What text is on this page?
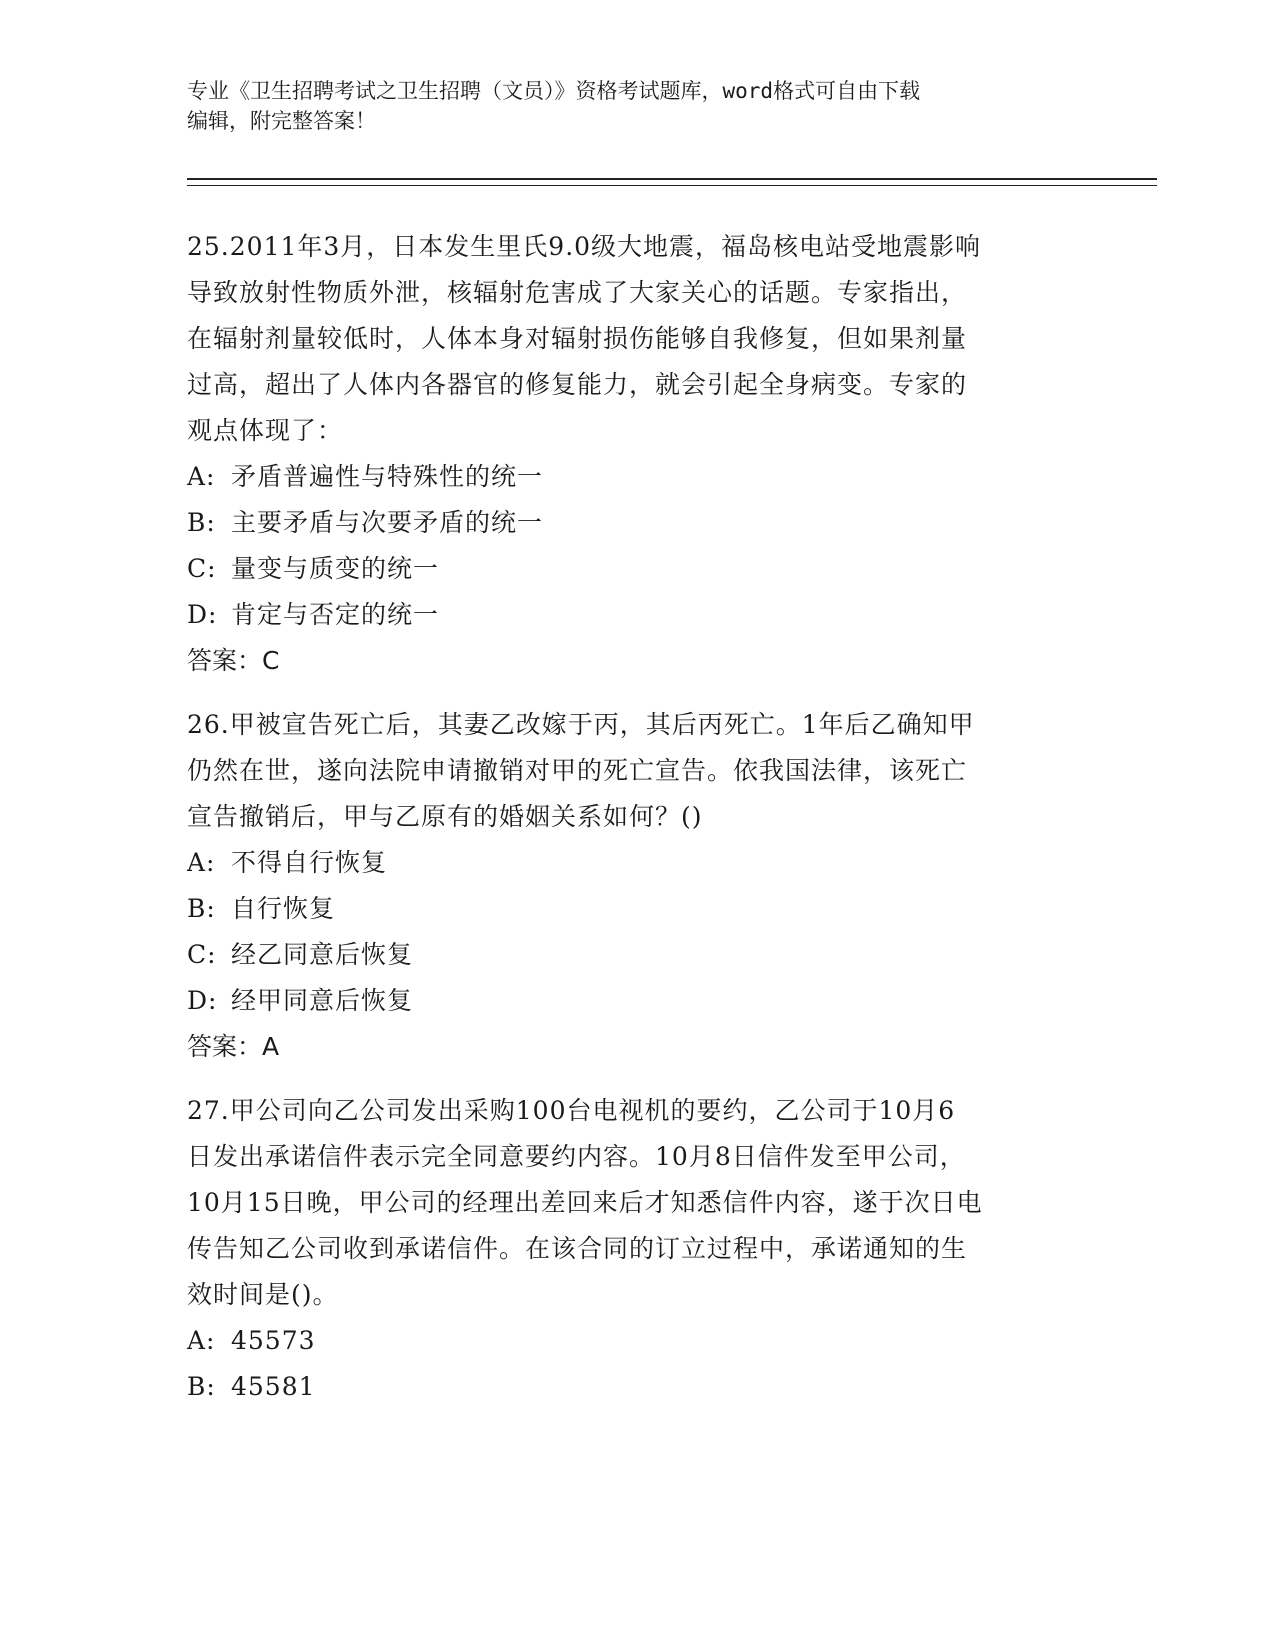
专业《卫生招聘考试之卫生招聘（文员）》资格考试题库，word格式可自由下载
编辑，附完整答案！
25.2011年3月，日本发生里氏9.0级大地震，福岛核电站受地震影响
导致放射性物质外泄，核辐射危害成了大家关心的话题。专家指出，
在辐射剂量较低时，人体本身对辐射损伤能够自我修复，但如果剂量
过高，超出了人体内各器官的修复能力，就会引起全身病变。专家的
观点体现了：
A: 矛盾普遍性与特殊性的统一
B: 主要矛盾与次要矛盾的统一
C: 量变与质变的统一
D: 肯定与否定的统一
答案：C
26.甲被宣告死亡后，其妻乙改嫁于丙，其后丙死亡。1年后乙确知甲
仍然在世，遂向法院申请撤销对甲的死亡宣告。依我国法律，该死亡
宣告撤销后，甲与乙原有的婚姻关系如何？()
A: 不得自行恢复
B: 自行恢复
C: 经乙同意后恢复
D: 经甲同意后恢复
答案：A
27.甲公司向乙公司发出采购100台电视机的要约，乙公司于10月6
日发出承诺信件表示完全同意要约内容。10月8日信件发至甲公司，
10月15日晚，甲公司的经理出差回来后才知悉信件内容，遂于次日电
传告知乙公司收到承诺信件。在该合同的订立过程中，承诺通知的生
效时间是()。
A: 45573
B: 45581
